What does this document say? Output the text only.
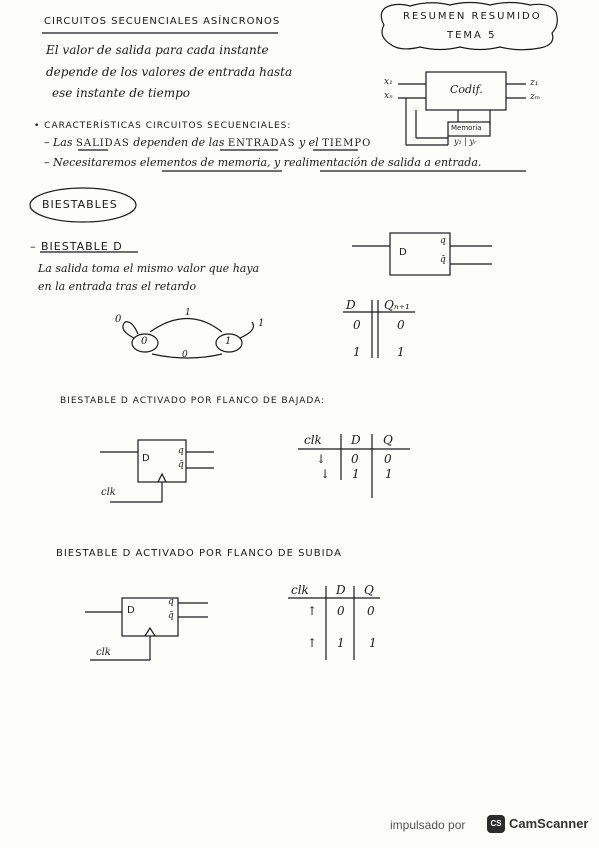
CIRCUITOS SECUENCIALES ASÍNCRONOS	RESUMEN RESUMIDO
TEMA 5
El valor de salida para cada instante
depende de los valores de entrada hasta
ese instante de tiempo
x₁
xₙ	Codif.	z₁
zₘ
Memoria
y₁ | yᵣ
• CARACTERÍSTICAS CIRCUITOS SECUENCIALES:
– Las SALIDAS dependen de las ENTRADAS y el TIEMPO
– Necesitaremos elementos de memoria, y realimentación de salida a entrada.
BIESTABLES
– BIESTABLE D
La salida toma el mismo valor que haya
en la entrada tras el retardo
D
q
q̄
0	1
0	1
1
0
D Qₙ₊₁
0	0
1	1
BIESTABLE D ACTIVADO POR FLANCO DE BAJADA:
D
q
q̄
clk
clk D Q
↓ 0 0
↓ 1 1
BIESTABLE D ACTIVADO POR FLANCO DE SUBIDA
D
q
q̄
clk
clk D Q
↑ 0 0
↑ 1 1
impulsado por	CS CamScanner
